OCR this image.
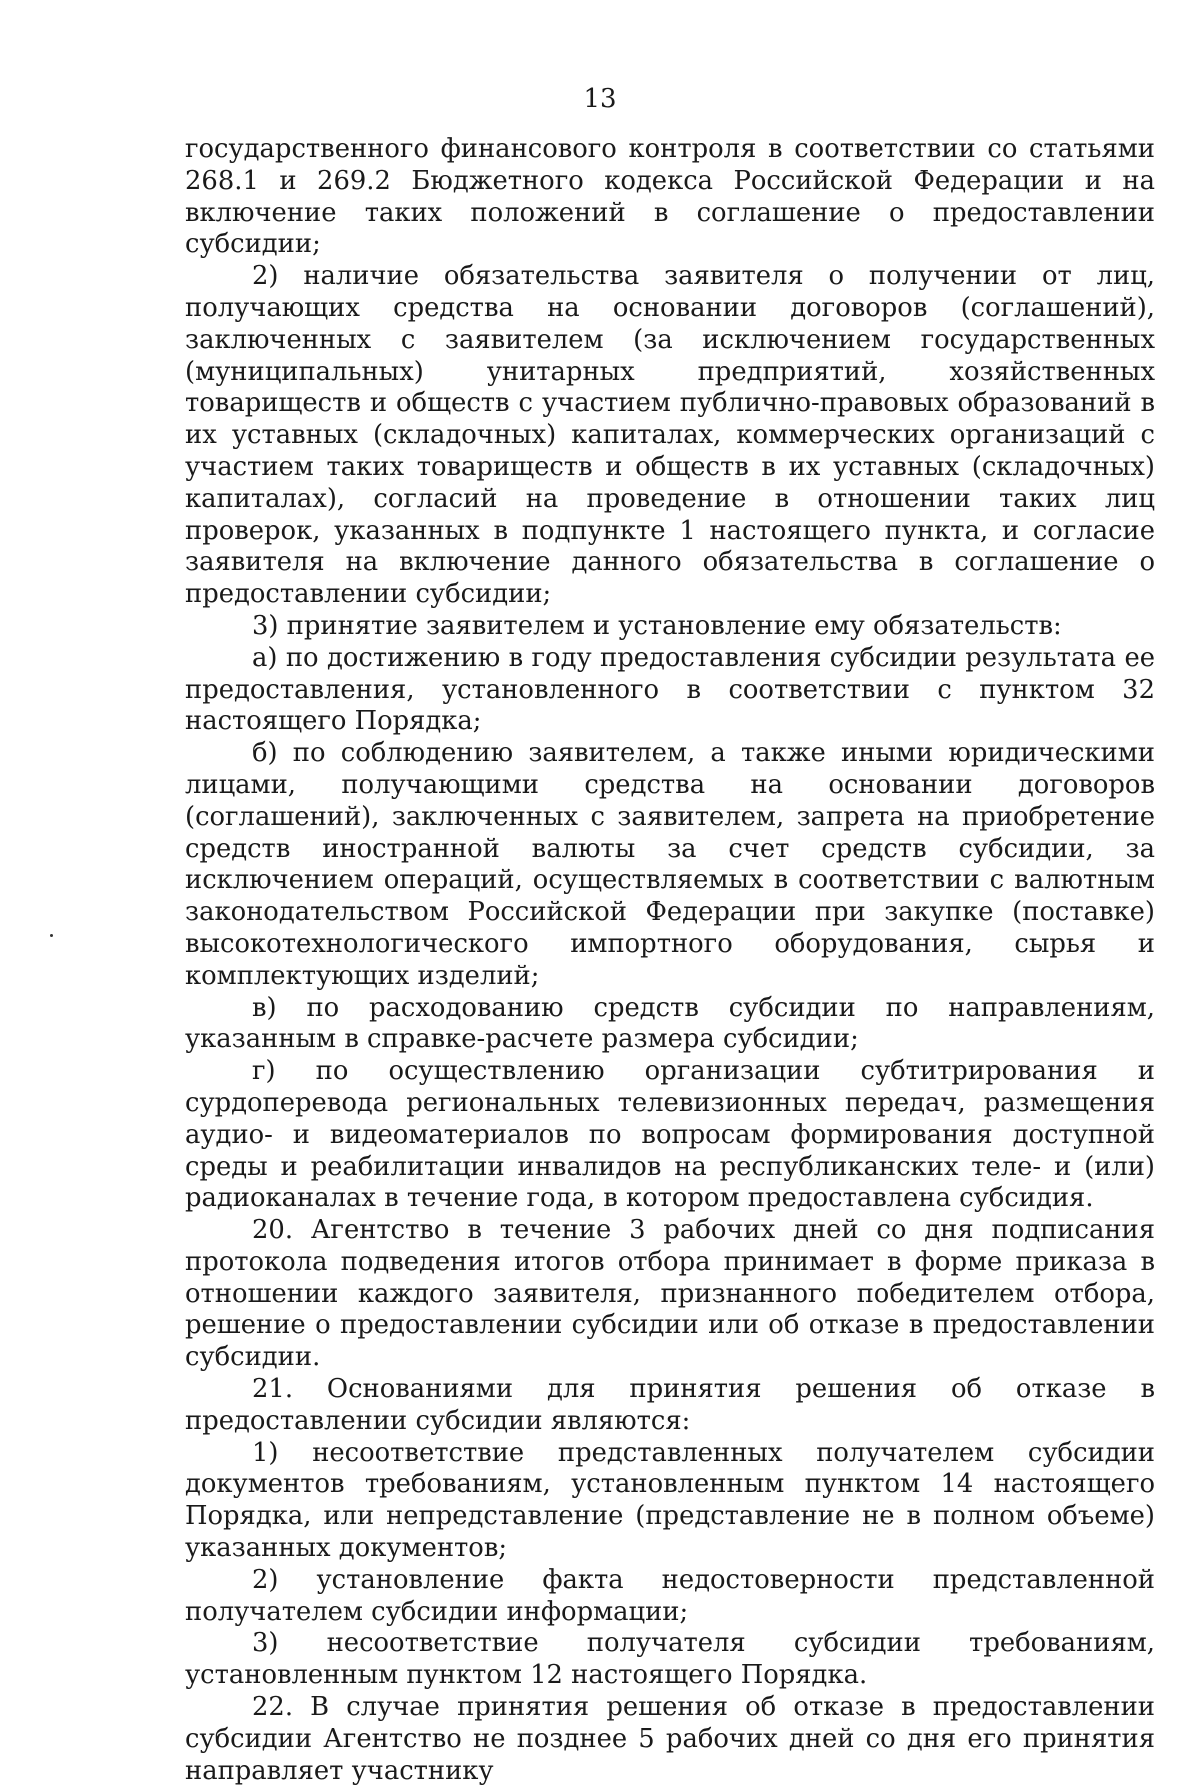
13

государственного финансового контроля в соответствии со статьями 268.1 и 269.2 Бюджетного кодекса Российской Федерации и на включение таких положений в соглашение о предоставлении субсидии;

2) наличие обязательства заявителя о получении от лиц, получающих средства на основании договоров (соглашений), заключенных с заявителем (за исключением государственных (муниципальных) унитарных предприятий, хозяйственных товариществ и обществ с участием публично-правовых образований в их уставных (складочных) капиталах, коммерческих организаций с участием таких товариществ и обществ в их уставных (складочных) капиталах), согласий на проведение в отношении таких лиц проверок, указанных в подпункте 1 настоящего пункта, и согласие заявителя на включение данного обязательства в соглашение о предоставлении субсидии;

3) принятие заявителем и установление ему обязательств:

а) по достижению в году предоставления субсидии результата ее предоставления, установленного в соответствии с пунктом 32 настоящего Порядка;

б) по соблюдению заявителем, а также иными юридическими лицами, получающими средства на основании договоров (соглашений), заключенных с заявителем, запрета на приобретение средств иностранной валюты за счет средств субсидии, за исключением операций, осуществляемых в соответствии с валютным законодательством Российской Федерации при закупке (поставке) высокотехнологического импортного оборудования, сырья и комплектующих изделий;

в) по расходованию средств субсидии по направлениям, указанным в справке-расчете размера субсидии;

г) по осуществлению организации субтитрирования и сурдоперевода региональных телевизионных передач, размещения аудио- и видеоматериалов по вопросам формирования доступной среды и реабилитации инвалидов на республиканских теле- и (или) радиоканалах в течение года, в котором предоставлена субсидия.

20. Агентство в течение 3 рабочих дней со дня подписания протокола подведения итогов отбора принимает в форме приказа в отношении каждого заявителя, признанного победителем отбора, решение о предоставлении субсидии или об отказе в предоставлении субсидии.

21. Основаниями для принятия решения об отказе в предоставлении субсидии являются:

1) несоответствие представленных получателем субсидии документов требованиям, установленным пунктом 14 настоящего Порядка, или непредставление (представление не в полном объеме) указанных документов;

2) установление факта недостоверности представленной получателем субсидии информации;

3) несоответствие получателя субсидии требованиям, установленным пунктом 12 настоящего Порядка.

22. В случае принятия решения об отказе в предоставлении субсидии Агентство не позднее 5 рабочих дней со дня его принятия направляет участнику
